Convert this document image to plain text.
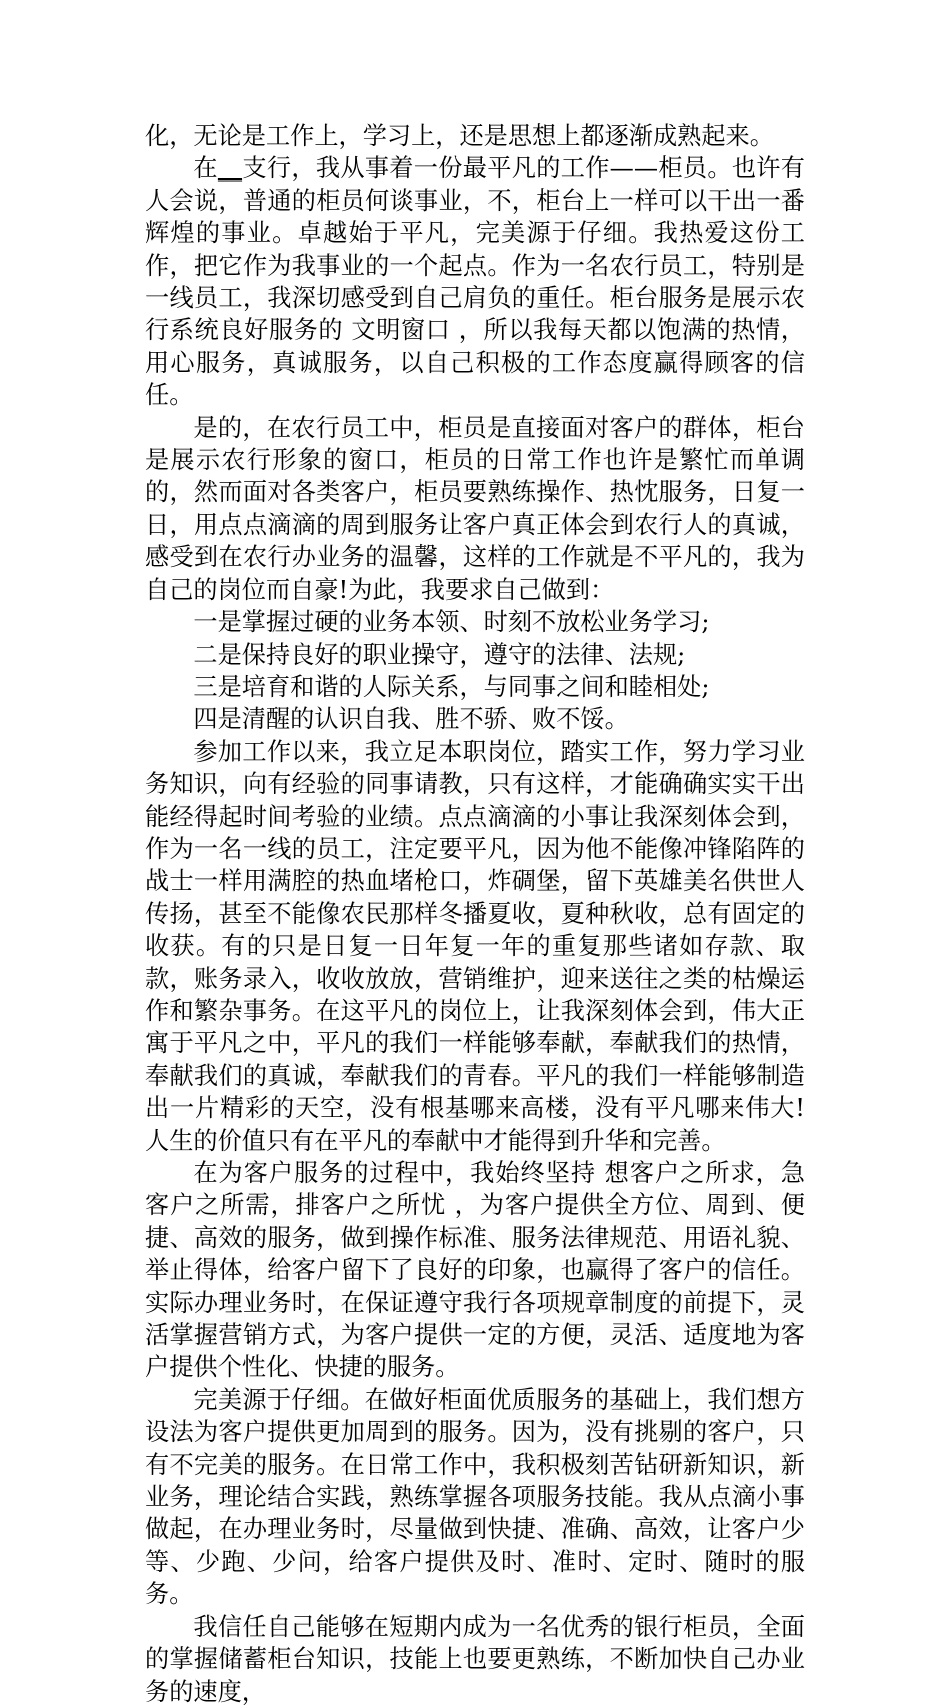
化，无论是工作上，学习上，还是思想上都逐渐成熟起来。

在__支行，我从事着一份最平凡的工作——柜员。也许有人会说，普通的柜员何谈事业，不，柜台上一样可以干出一番辉煌的事业。卓越始于平凡，完美源于仔细。我热爱这份工作，把它作为我事业的一个起点。作为一名农行员工，特别是一线员工，我深切感受到自己肩负的重任。柜台服务是展示农行系统良好服务的 文明窗口 ，所以我每天都以饱满的热情，用心服务，真诚服务，以自己积极的工作态度赢得顾客的信任。

是的，在农行员工中，柜员是直接面对客户的群体，柜台是展示农行形象的窗口，柜员的日常工作也许是繁忙而单调的，然而面对各类客户，柜员要熟练操作、热忱服务，日复一日，用点点滴滴的周到服务让客户真正体会到农行人的真诚，感受到在农行办业务的温馨，这样的工作就是不平凡的，我为自己的岗位而自豪!为此，我要求自己做到：

一是掌握过硬的业务本领、时刻不放松业务学习;

二是保持良好的职业操守，遵守的法律、法规;

三是培育和谐的人际关系，与同事之间和睦相处;

四是清醒的认识自我、胜不骄、败不馁。

参加工作以来，我立足本职岗位，踏实工作，努力学习业务知识，向有经验的同事请教，只有这样，才能确确实实干出能经得起时间考验的业绩。点点滴滴的小事让我深刻体会到，作为一名一线的员工，注定要平凡，因为他不能像冲锋陷阵的战士一样用满腔的热血堵枪口，炸碉堡，留下英雄美名供世人传扬，甚至不能像农民那样冬播夏收，夏种秋收，总有固定的收获。有的只是日复一日年复一年的重复那些诸如存款、取款，账务录入，收收放放，营销维护，迎来送往之类的枯燥运作和繁杂事务。在这平凡的岗位上，让我深刻体会到，伟大正寓于平凡之中，平凡的我们一样能够奉献，奉献我们的热情，奉献我们的真诚，奉献我们的青春。平凡的我们一样能够制造出一片精彩的天空，没有根基哪来高楼，没有平凡哪来伟大!人生的价值只有在平凡的奉献中才能得到升华和完善。

在为客户服务的过程中，我始终坚持 想客户之所求，急客户之所需，排客户之所忧 ，为客户提供全方位、周到、便捷、高效的服务，做到操作标准、服务法律规范、用语礼貌、举止得体，给客户留下了良好的印象，也赢得了客户的信任。实际办理业务时，在保证遵守我行各项规章制度的前提下，灵活掌握营销方式，为客户提供一定的方便，灵活、适度地为客户提供个性化、快捷的服务。

完美源于仔细。在做好柜面优质服务的基础上，我们想方设法为客户提供更加周到的服务。因为，没有挑剔的客户，只有不完美的服务。在日常工作中，我积极刻苦钻研新知识，新业务，理论结合实践，熟练掌握各项服务技能。我从点滴小事做起，在办理业务时，尽量做到快捷、准确、高效，让客户少等、少跑、少问，给客户提供及时、准时、定时、随时的服务。

我信任自己能够在短期内成为一名优秀的银行柜员，全面的掌握储蓄柜台知识，技能上也要更熟练，不断加快自己办业务的速度，
